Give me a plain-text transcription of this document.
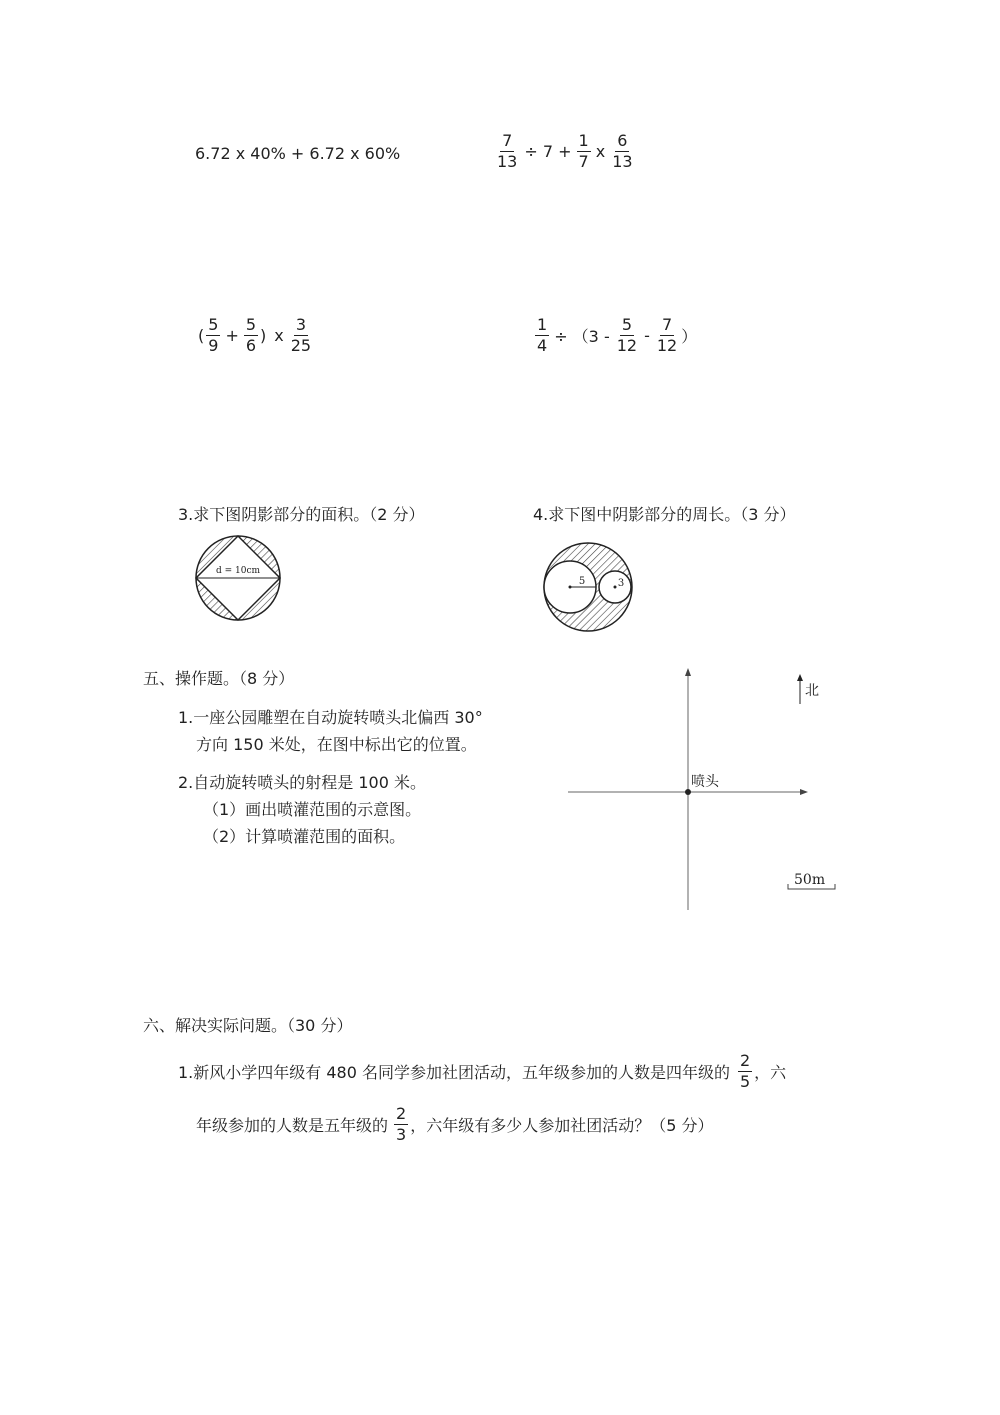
6.72 x 40% + 6.72 x 60%	$\frac{7}{13} \div 7 + \frac{1}{7}$ x $\frac{6}{13}$
( $\frac{5}{9} + \frac{5}{6}$ ) x $\frac{3}{25}$	$\frac{1}{4} \div (3 - \frac{5}{12} - \frac{7}{12}$ ）
3.求下图阴影部分的面积。（2 分）
d = 10cm
4.求下图中阴影部分的周长。（3 分）
5	3
五、操作题。（8 分）
1.一座公园雕塑在自动旋转喷头北偏西 30°
方向 150 米处，在图中标出它的位置。
2.自动旋转喷头的射程是 100 米。
（1）画出喷灌范围的示意图。
（2）计算喷灌范围的面积。
喷头
北
50m
六、解决实际问题。（30 分）
1.新风小学四年级有 480 名同学参加社团活动，五年级参加的人数是四年级的 $\frac{2}{5}$ ，六
年级参加的人数是五年级的 $\frac{2}{3}$ ，六年级有多少人参加社团活动？（5 分）
